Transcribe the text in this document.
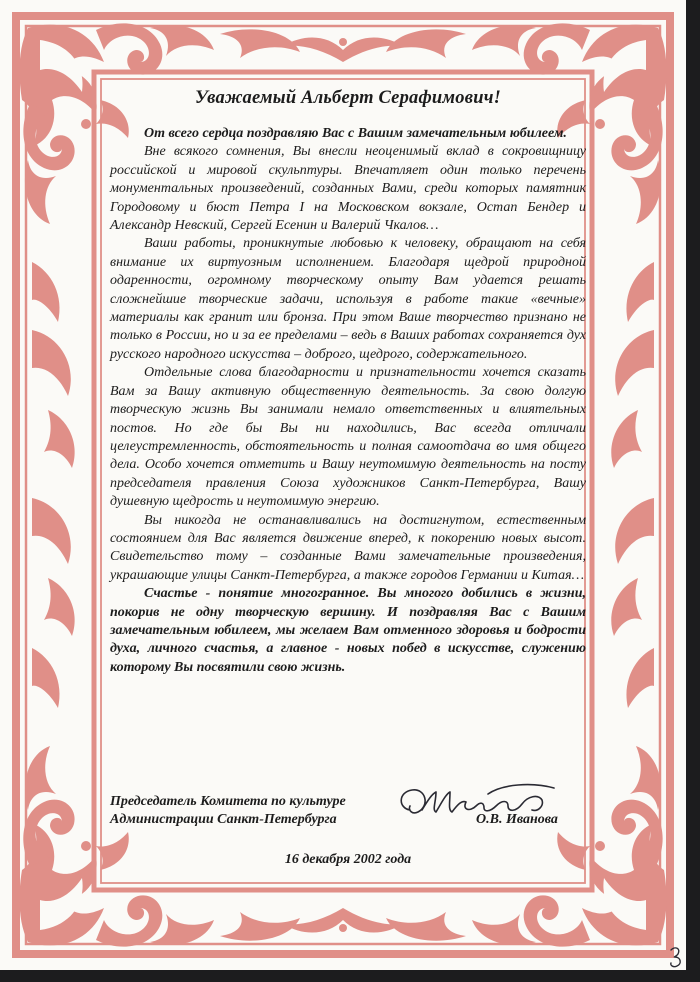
Уважаемый Альберт Серафимович!

От всего сердца поздравляю Вас с Вашим замечательным юбилеем.

Вне всякого сомнения, Вы внесли неоценимый вклад в сокровищницу российской и мировой скульптуры. Впечатляет один только перечень монументальных произведений, созданных Вами, среди которых памятник Городовому и бюст Петра I на Московском вокзале, Остап Бендер и Александр Невский, Сергей Есенин и Валерий Чкалов…

Ваши работы, проникнутые любовью к человеку, обращают на себя внимание их виртуозным исполнением. Благодаря щедрой природной одаренности, огромному творческому опыту Вам удается решать сложнейшие творческие задачи, используя в работе такие «вечные» материалы как гранит или бронза. При этом Ваше творчество признано не только в России, но и за ее пределами – ведь в Ваших работах сохраняется дух русского народного искусства – доброго, щедрого, содержательного.

Отдельные слова благодарности и признательности хочется сказать Вам за Вашу активную общественную деятельность. За свою долгую творческую жизнь Вы занимали немало ответственных и влиятельных постов. Но где бы Вы ни находились, Вас всегда отличали целеустремленность, обстоятельность и полная самоотдача во имя общего дела. Особо хочется отметить и Вашу неутомимую деятельность на посту председателя правления Союза художников Санкт-Петербурга, Вашу душевную щедрость и неутомимую энергию.

Вы никогда не останавливались на достигнутом, естественным состоянием для Вас является движение вперед, к покорению новых высот. Свидетельство тому – созданные Вами замечательные произведения, украшающие улицы Санкт-Петербурга, а также городов Германии и Китая…

Счастье - понятие многогранное. Вы многого добились в жизни, покорив не одну творческую вершину. И поздравляя Вас с Вашим замечательным юбилеем, мы желаем Вам отменного здоровья и бодрости духа, личного счастья, а главное - новых побед в искусстве, служению которому Вы посвятили свою жизнь.

Председатель Комитета по культуре
Администрации Санкт-Петербурга	О.В. Иванова
16 декабря 2002 года
